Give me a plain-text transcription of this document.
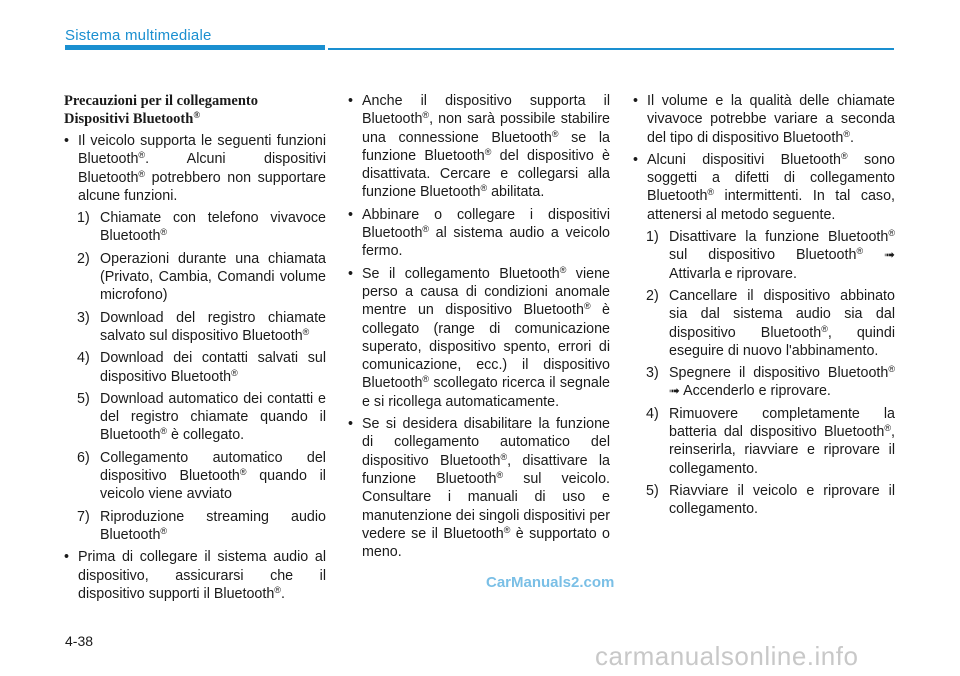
Sistema multimediale
Precauzioni per il collegamento
Dispositivi Bluetooth®
• Il veicolo supporta le seguenti funzioni Bluetooth®. Alcuni dispositivi Bluetooth® potrebbero non supportare alcune funzioni.
1) Chiamate con telefono vivavoce Bluetooth®
2) Operazioni durante una chiamata (Privato, Cambia, Comandi volume microfono)
3) Download del registro chiamate salvato sul dispositivo Bluetooth®
4) Download dei contatti salvati sul dispositivo Bluetooth®
5) Download automatico dei contatti e del registro chiamate quando il Bluetooth® è collegato.
6) Collegamento automatico del dispositivo Bluetooth® quando il veicolo viene avviato
7) Riproduzione streaming audio Bluetooth®
• Prima di collegare il sistema audio al dispositivo, assicurarsi che il dispositivo supporti il Bluetooth®.
• Anche il dispositivo supporta il Bluetooth®, non sarà possibile stabilire una connessione Bluetooth® se la funzione Bluetooth® del dispositivo è disattivata. Cercare e collegarsi alla funzione Bluetooth® abilitata.
• Abbinare o collegare i dispositivi Bluetooth® al sistema audio a veicolo fermo.
• Se il collegamento Bluetooth® viene perso a causa di condizioni anomale mentre un dispositivo Bluetooth® è collegato (range di comunicazione superato, dispositivo spento, errori di comunicazione, ecc.) il dispositivo Bluetooth® scollegato ricerca il segnale e si ricollega automaticamente.
• Se si desidera disabilitare la funzione di collegamento automatico del dispositivo Bluetooth®, disattivare la funzione Bluetooth® sul veicolo. Consultare i manuali di uso e manutenzione dei singoli dispositivi per vedere se il Bluetooth® è supportato o meno.
• Il volume e la qualità delle chiamate vivavoce potrebbe variare a seconda del tipo di dispositivo Bluetooth®.
• Alcuni dispositivi Bluetooth® sono soggetti a difetti di collegamento Bluetooth® intermittenti. In tal caso, attenersi al metodo seguente.
1) Disattivare la funzione Bluetooth® sul dispositivo Bluetooth® ➟ Attivarla e riprovare.
2) Cancellare il dispositivo abbinato sia dal sistema audio sia dal dispositivo Bluetooth®, quindi eseguire di nuovo l'abbinamento.
3) Spegnere il dispositivo Bluetooth® ➟ Accenderlo e riprovare.
4) Rimuovere completamente la batteria dal dispositivo Bluetooth®, reinserirla, riavviare e riprovare il collegamento.
5) Riavviare il veicolo e riprovare il collegamento.
CarManuals2.com
4-38	carmanualsonline.info
